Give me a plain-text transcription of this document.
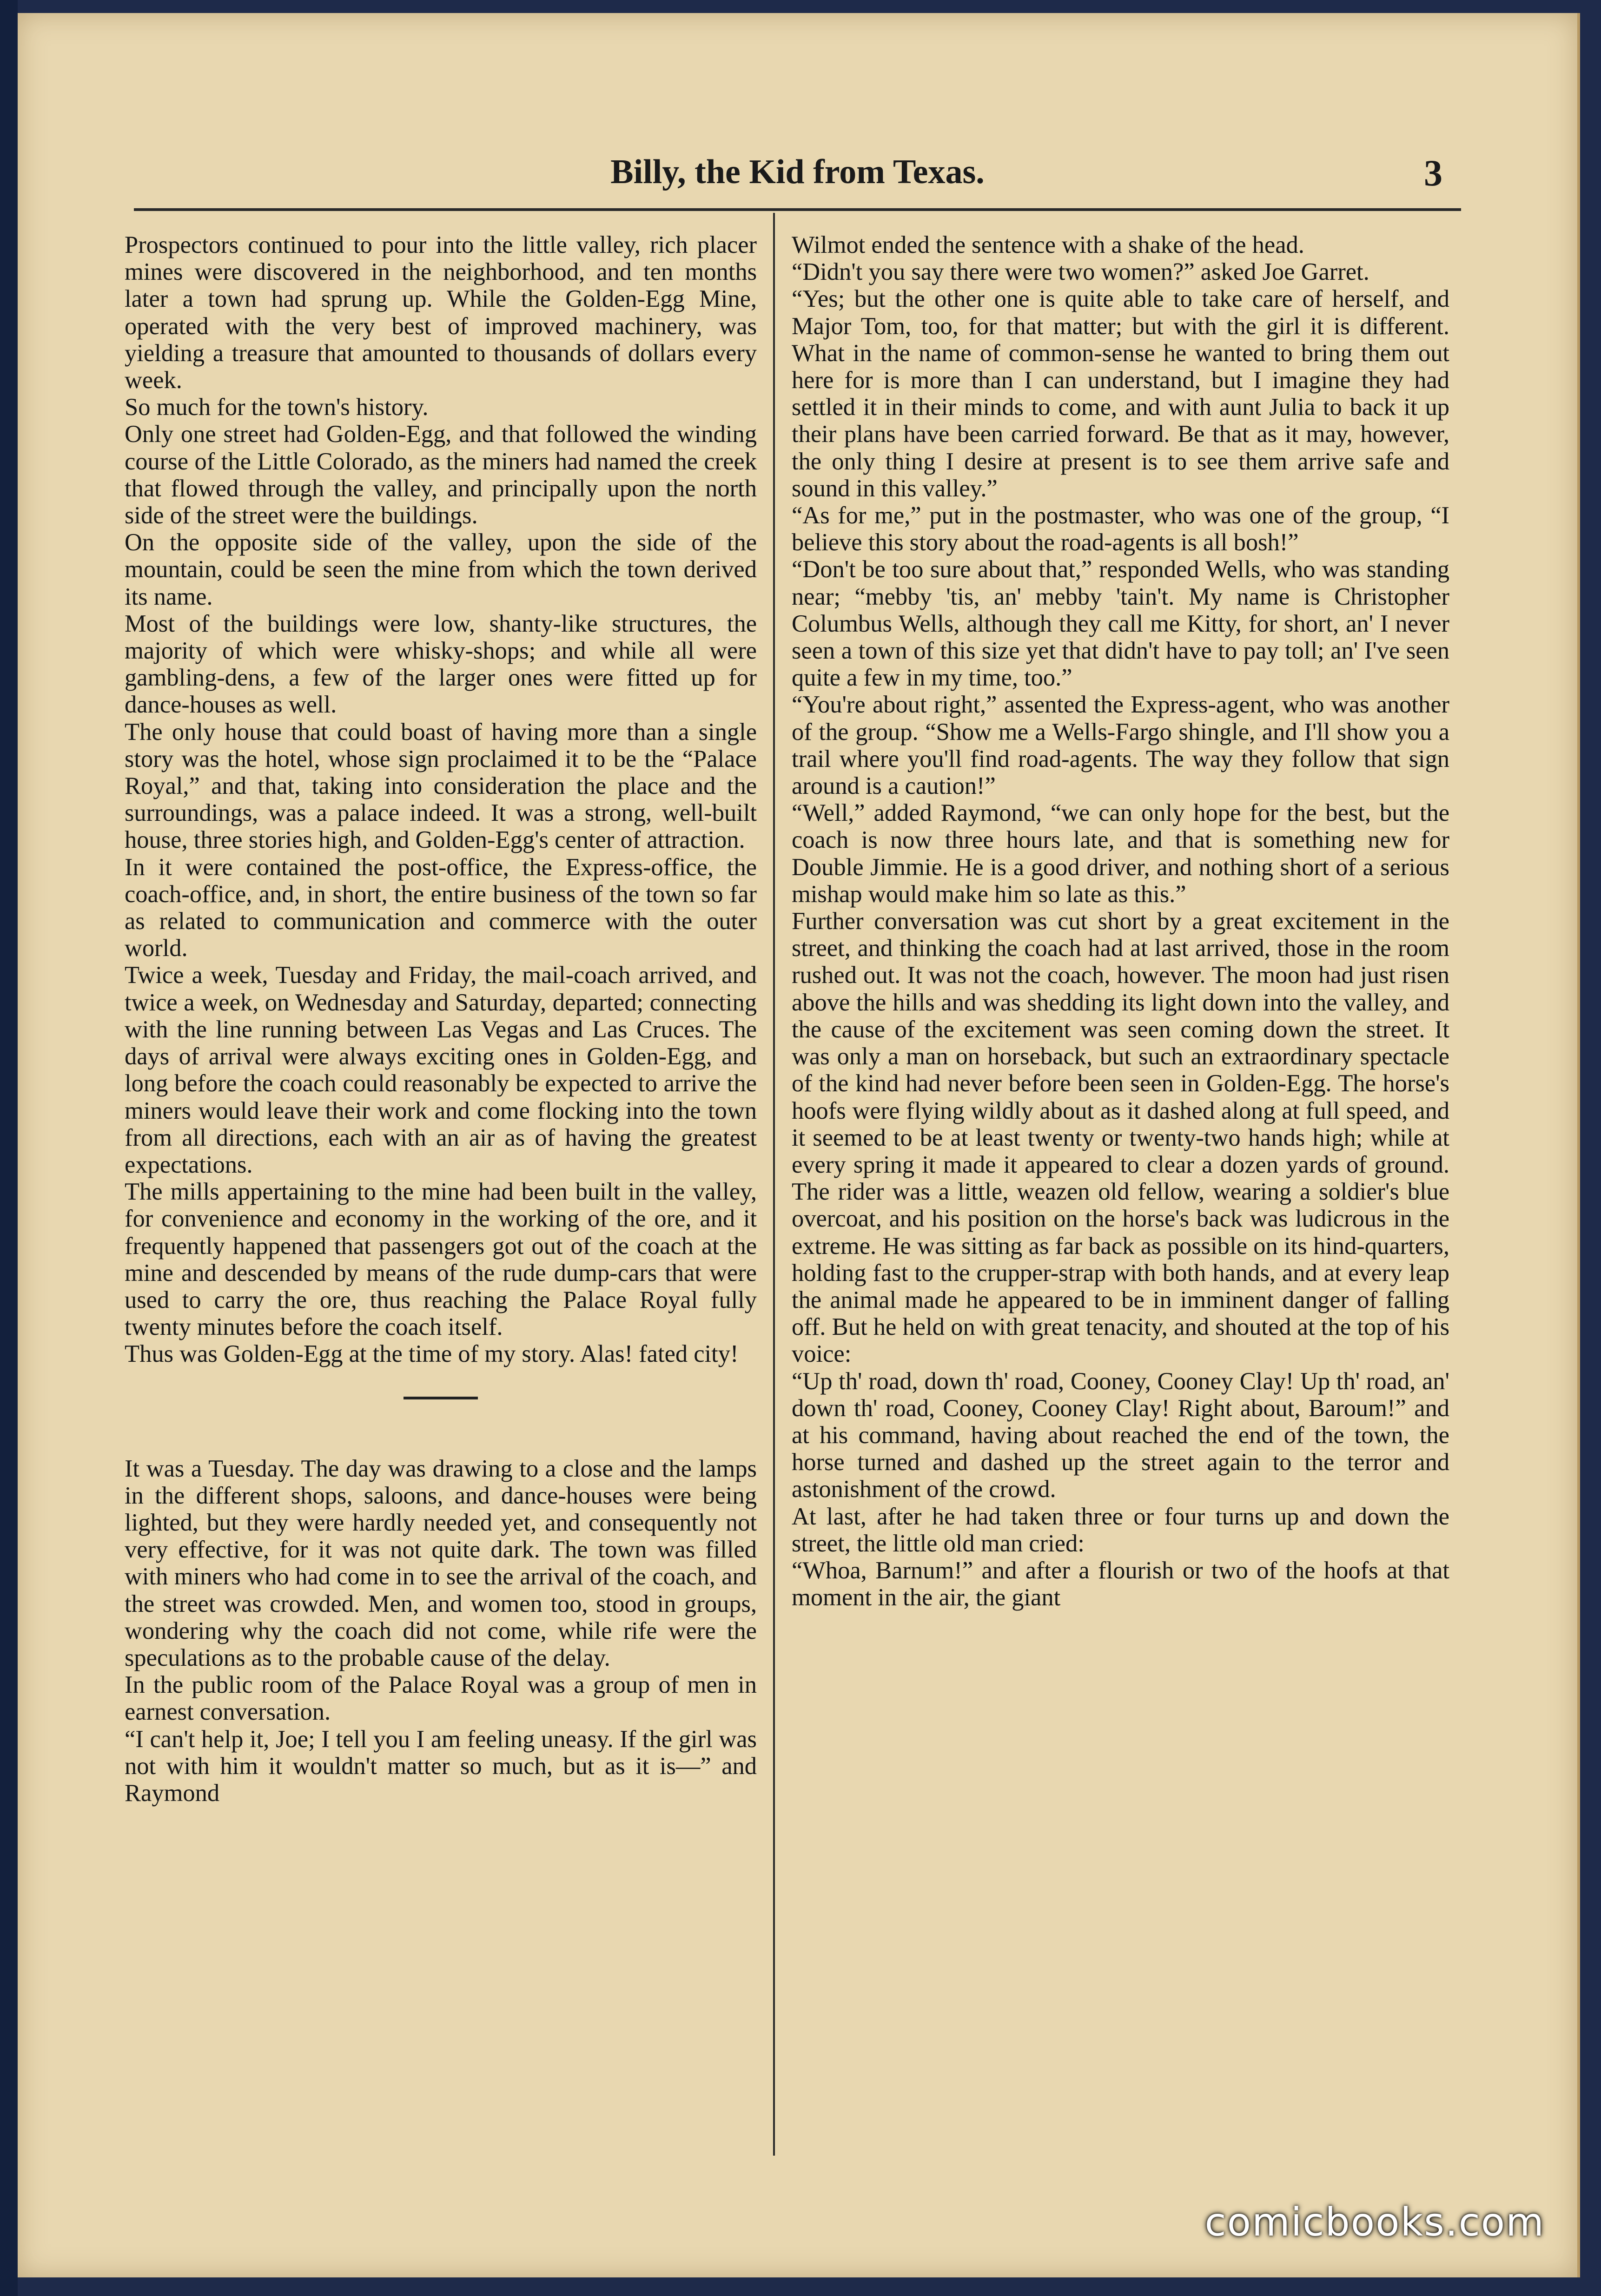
Billy, the Kid from Texas.	3

Prospectors continued to pour into the little valley, rich placer mines were discovered in the neighborhood, and ten months later a town had sprung up. While the Golden-Egg Mine, operated with the very best of improved machinery, was yielding a treasure that amounted to thousands of dollars every week.

So much for the town's history.

Only one street had Golden-Egg, and that followed the winding course of the Little Colorado, as the miners had named the creek that flowed through the valley, and principally upon the north side of the street were the buildings.

On the opposite side of the valley, upon the side of the mountain, could be seen the mine from which the town derived its name.

Most of the buildings were low, shanty-like structures, the majority of which were whisky-shops; and while all were gambling-dens, a few of the larger ones were fitted up for dance-houses as well.

The only house that could boast of having more than a single story was the hotel, whose sign proclaimed it to be the “Palace Royal,” and that, taking into consideration the place and the surroundings, was a palace indeed. It was a strong, well-built house, three stories high, and Golden-Egg's center of attraction.

In it were contained the post-office, the Express-office, the coach-office, and, in short, the entire business of the town so far as related to communication and commerce with the outer world.

Twice a week, Tuesday and Friday, the mail-coach arrived, and twice a week, on Wednesday and Saturday, departed; connecting with the line running between Las Vegas and Las Cruces. The days of arrival were always exciting ones in Golden-Egg, and long before the coach could reasonably be expected to arrive the miners would leave their work and come flocking into the town from all directions, each with an air as of having the greatest expectations.

The mills appertaining to the mine had been built in the valley, for convenience and economy in the working of the ore, and it frequently happened that passengers got out of the coach at the mine and descended by means of the rude dump-cars that were used to carry the ore, thus reaching the Palace Royal fully twenty minutes before the coach itself.

Thus was Golden-Egg at the time of my story. Alas! fated city!

It was a Tuesday. The day was drawing to a close and the lamps in the different shops, saloons, and dance-houses were being lighted, but they were hardly needed yet, and consequently not very effective, for it was not quite dark. The town was filled with miners who had come in to see the arrival of the coach, and the street was crowded. Men, and women too, stood in groups, wondering why the coach did not come, while rife were the speculations as to the probable cause of the delay.

In the public room of the Palace Royal was a group of men in earnest conversation.

“I can't help it, Joe; I tell you I am feeling uneasy. If the girl was not with him it wouldn't matter so much, but as it is—” and Raymond

Wilmot ended the sentence with a shake of the head.

“Didn't you say there were two women?” asked Joe Garret.

“Yes; but the other one is quite able to take care of herself, and Major Tom, too, for that matter; but with the girl it is different. What in the name of common-sense he wanted to bring them out here for is more than I can understand, but I imagine they had settled it in their minds to come, and with aunt Julia to back it up their plans have been carried forward. Be that as it may, however, the only thing I desire at present is to see them arrive safe and sound in this valley.”

“As for me,” put in the postmaster, who was one of the group, “I believe this story about the road-agents is all bosh!”

“Don't be too sure about that,” responded Wells, who was standing near; “mebby 'tis, an' mebby 'tain't. My name is Christopher Columbus Wells, although they call me Kitty, for short, an' I never seen a town of this size yet that didn't have to pay toll; an' I've seen quite a few in my time, too.”

“You're about right,” assented the Express-agent, who was another of the group. “Show me a Wells-Fargo shingle, and I'll show you a trail where you'll find road-agents. The way they follow that sign around is a caution!”

“Well,” added Raymond, “we can only hope for the best, but the coach is now three hours late, and that is something new for Double Jimmie. He is a good driver, and nothing short of a serious mishap would make him so late as this.”

Further conversation was cut short by a great excitement in the street, and thinking the coach had at last arrived, those in the room rushed out. It was not the coach, however. The moon had just risen above the hills and was shedding its light down into the valley, and the cause of the excitement was seen coming down the street. It was only a man on horseback, but such an extraordinary spectacle of the kind had never before been seen in Golden-Egg. The horse's hoofs were flying wildly about as it dashed along at full speed, and it seemed to be at least twenty or twenty-two hands high; while at every spring it made it appeared to clear a dozen yards of ground. The rider was a little, weazen old fellow, wearing a soldier's blue overcoat, and his position on the horse's back was ludicrous in the extreme. He was sitting as far back as possible on its hind-quarters, holding fast to the crupper-strap with both hands, and at every leap the animal made he appeared to be in imminent danger of falling off. But he held on with great tenacity, and shouted at the top of his voice:

“Up th' road, down th' road, Cooney, Cooney Clay! Up th' road, an' down th' road, Cooney, Cooney Clay! Right about, Baroum!” and at his command, having about reached the end of the town, the horse turned and dashed up the street again to the terror and astonishment of the crowd.

At last, after he had taken three or four turns up and down the street, the little old man cried:

“Whoa, Barnum!” and after a flourish or two of the hoofs at that moment in the air, the giant

comicbooks.com
